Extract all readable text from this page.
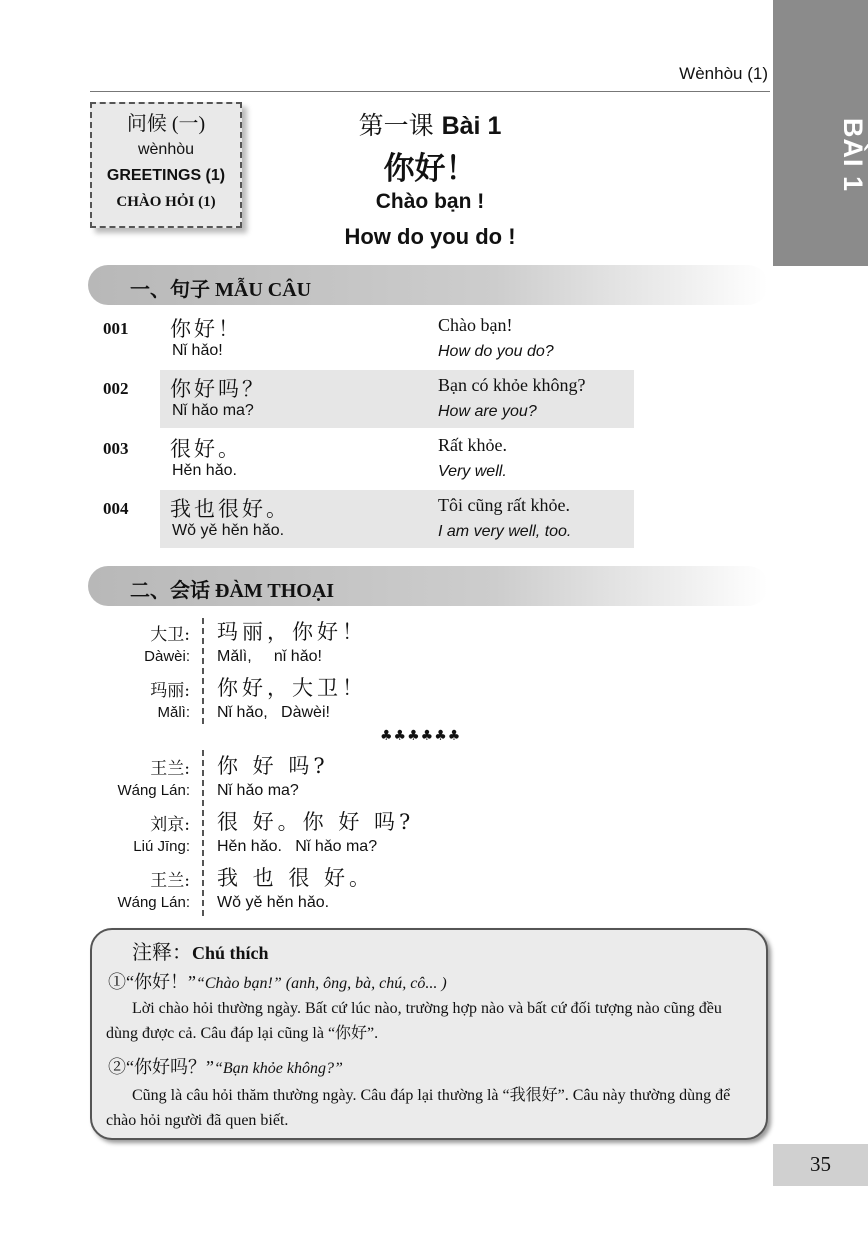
Wènhòu (1)
BÀI 1
问候 (一)
wènhòu
GREETINGS (1)
CHÀO HỎI (1)
第一课 Bài 1
你好！
Chào bạn !
How do you do !
一、句子 MẪU CÂU
001 你好！
Nǐ hǎo!
Chào bạn!
How do you do?
002 你好吗？
Nǐ hǎo ma?
Bạn có khỏe không?
How are you?
003 很好。
Hěn hǎo.
Rất khỏe.
Very well.
004 我也很好。
Wǒ yě hěn hǎo.
Tôi cũng rất khỏe.
I am very well, too.
二、会话 ĐÀM THOẠI
大卫:
Dàwèi:
玛丽，你好！
Mǎlì,     nǐ hǎo!
玛丽:
Mǎlì:
你好，大卫！
Nǐ hǎo,   Dàwèi!
♣♣♣♣♣♣
王兰:
Wáng Lán:
你 好 吗?
Nǐ hǎo ma?
刘京:
Liú Jīng:
很 好。你 好 吗?
Hěn hǎo.   Nǐ hǎo ma?
王兰:
Wáng Lán:
我 也 很 好。
Wǒ yě hěn hǎo.
注释：Chú thích
①“你好！”“Chào bạn!” (anh, ông, bà, chú, cô... )
Lời chào hỏi thường ngày. Bất cứ lúc nào, trường hợp nào và bất cứ đối tượng nào cũng đều dùng được cả. Câu đáp lại cũng là “你好”.
②“你好吗？”“Bạn khỏe không?”
Cũng là câu hỏi thăm thường ngày. Câu đáp lại thường là “我很好”. Câu này thường dùng để chào hỏi người đã quen biết.
35
